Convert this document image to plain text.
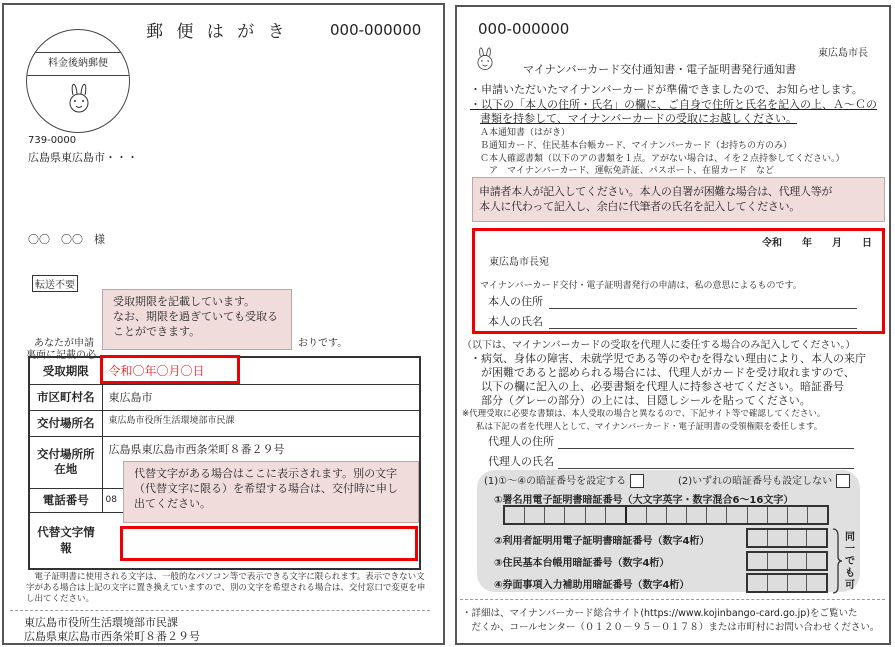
郵 便 は が き	000-000000
料金後納郵便
739-0000
広島県東広島市・・・
〇〇　〇〇　様
転送不要
あなたが申請	おりです。
裏面に記載の必
受取期限を記載しています。
なお、期限を過ぎていても受取る
ことができます。
受取期限	令和〇年〇月〇日
市区町村名	東広島市
交付場所名	東広島市役所生活環境部市民課
交付場所所在地	広島県東広島市西条栄町８番２９号
電話番号	08
代替文字情報	
代替文字がある場合はここに表示されます。別の文字
（代替文字に限る）を希望する場合は、交付時に申し
出てください。
電子証明書に使用される文字は、一般的なパソコン等で表示できる文字に限られます。表示できない文字がある場合は上記の文字に置き換えていますので、別の文字を希望される場合は、交付窓口で変更を申し出てください。
東広島市役所生活環境部市民課
広島県東広島市西条栄町８番２９号
000-000000
東広島市長
マイナンバーカード交付通知書・電子証明書発行通知書
・申請いただいたマイナンバーカードが準備できましたので、お知らせします。
・以下の「本人の住所・氏名」の欄に、ご自身で住所と氏名を記入の上、Ａ～Ｃの
書類を持参して、マイナンバーカードの受取にお越しください。
Ａ本通知書（はがき）
Ｂ通知カード、住民基本台帳カード、マイナンバーカード（お持ちの方のみ）
Ｃ本人確認書類（以下のアの書類を１点。アがない場合は、イを２点持参してください。）
　ア　マイナンバーカード、運転免許証、パスポート、在留カード　など
申請者本人が記入してください。本人の自署が困難な場合は、代理人等が
本人に代わって記入し、余白に代筆者の氏名を記入してください。
令和　　年　　月　　日
東広島市長宛
マイナンバーカード交付・電子証明書発行の申請は、私の意思によるものです。
本人の住所
本人の氏名
（以下は、マイナンバーカードの受取を代理人に委任する場合のみ記入してください。）
・病気、身体の障害、未就学児である等のやむを得ない理由により、本人の来庁
　が困難であると認められる場合には、代理人がカードを受け取れますので、
　以下の欄に記入の上、必要書類を代理人に持参させてください。暗証番号
　部分（グレーの部分）の上には、目隠しシールを貼ってください。
※代理受取に必要な書類は、本人受取の場合と異なるので、下記サイト等で確認してください。
私は下記の者を代理人として、マイナンバーカード・電子証明書の受領権限を委任します。
代理人の住所
代理人の氏名
(1)①～④の暗証番号を設定する	(2)いずれの暗証番号も設定しない
①署名用電子証明書暗証番号（大文字英字・数字混合6～16文字）
②利用者証明用電子証明書暗証番号（数字4桁）
③住民基本台帳用暗証番号（数字4桁）
④券面事項入力補助用暗証番号（数字4桁）
同一でも可
・詳細は、マイナンバーカード総合サイト(https://www.kojinbango-card.go.jp)をご覧いた
　だくか、コールセンター（０１２０－９５－０１７８）または市町村にお問い合わせください。
